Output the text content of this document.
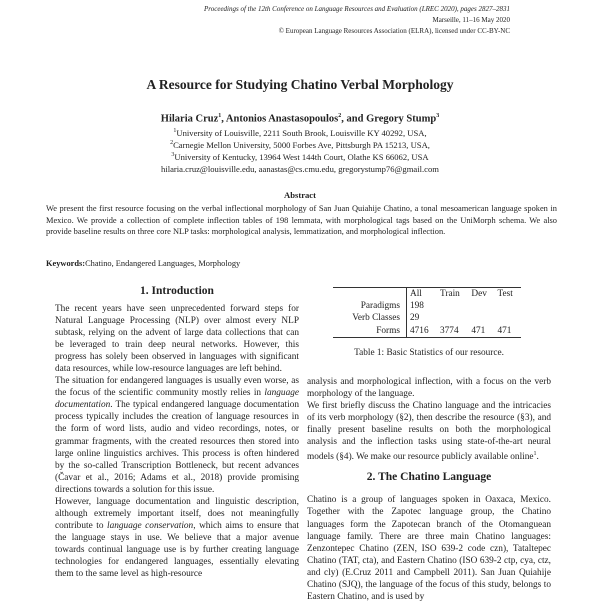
Proceedings of the 12th Conference on Language Resources and Evaluation (LREC 2020), pages 2827–2831
Marseille, 11–16 May 2020
© European Language Resources Association (ELRA), licensed under CC-BY-NC
A Resource for Studying Chatino Verbal Morphology
Hilaria Cruz$^1$, Antonios Anastasopoulos$^2$, and Gregory Stump$^3$
$^1$University of Louisville, 2211 South Brook, Louisville KY 40292, USA,
$^2$Carnegie Mellon University, 5000 Forbes Ave, Pittsburgh PA 15213, USA,
$^3$University of Kentucky, 13964 West 144th Court, Olathe KS 66062, USA
hilaria.cruz@louisville.edu, aanastas@cs.cmu.edu, gregorystump76@gmail.com
Abstract
We present the first resource focusing on the verbal inflectional morphology of San Juan Quiahije Chatino, a tonal mesoamerican language spoken in Mexico. We provide a collection of complete inflection tables of 198 lemmata, with morphological tags based on the UniMorph schema. We also provide baseline results on three core NLP tasks: morphological analysis, lemmatization, and morphological inflection.
Keywords:Chatino, Endangered Languages, Morphology
1. Introduction

The recent years have seen unprecedented forward steps for Natural Language Processing (NLP) over almost every NLP subtask, relying on the advent of large data collections that can be leveraged to train deep neural networks. However, this progress has solely been observed in languages with significant data resources, while low-resource languages are left behind.

The situation for endangered languages is usually even worse, as the focus of the scientific community mostly relies in language documentation. The typical endangered language documentation process typically includes the creation of language resources in the form of word lists, audio and video recordings, notes, or grammar fragments, with the created resources then stored into large online linguistics archives. This process is often hindered by the so-called Transcription Bottleneck, but recent advances (Čavar et al., 2016; Adams et al., 2018) provide promising directions towards a solution for this issue.

However, language documentation and linguistic description, although extremely important itself, does not meaningfully contribute to language conservation, which aims to ensure that the language stays in use. We believe that a major avenue towards continual language use is by further creating language technologies for endangered languages, essentially elevating them to the same level as high-resource

	All	Train	Dev	Test
Paradigms	198			
Verb Classes	29			
Forms	4716	3774	471	471
Table 1: Basic Statistics of our resource.

analysis and morphological inflection, with a focus on the verb morphology of the language.

We first briefly discuss the Chatino language and the intricacies of its verb morphology (§2), then describe the resource (§3), and finally present baseline results on both the morphological analysis and the inflection tasks using state-of-the-art neural models (§4). We make our resource publicly available online$^1$.

2. The Chatino Language

Chatino is a group of languages spoken in Oaxaca, Mexico. Together with the Zapotec language group, the Chatino languages form the Zapotecan branch of the Otomanguean language family. There are three main Chatino languages: Zenzontepec Chatino (ZEN, ISO 639-2 code czn), Tataltepec Chatino (TAT, cta), and Eastern Chatino (ISO 639-2 ctp, cya, ctz, and cly) (E.Cruz 2011 and Campbell 2011). San Juan Quiahije Chatino (SJQ), the language of the focus of this study, belongs to Eastern Chatino, and is used by
